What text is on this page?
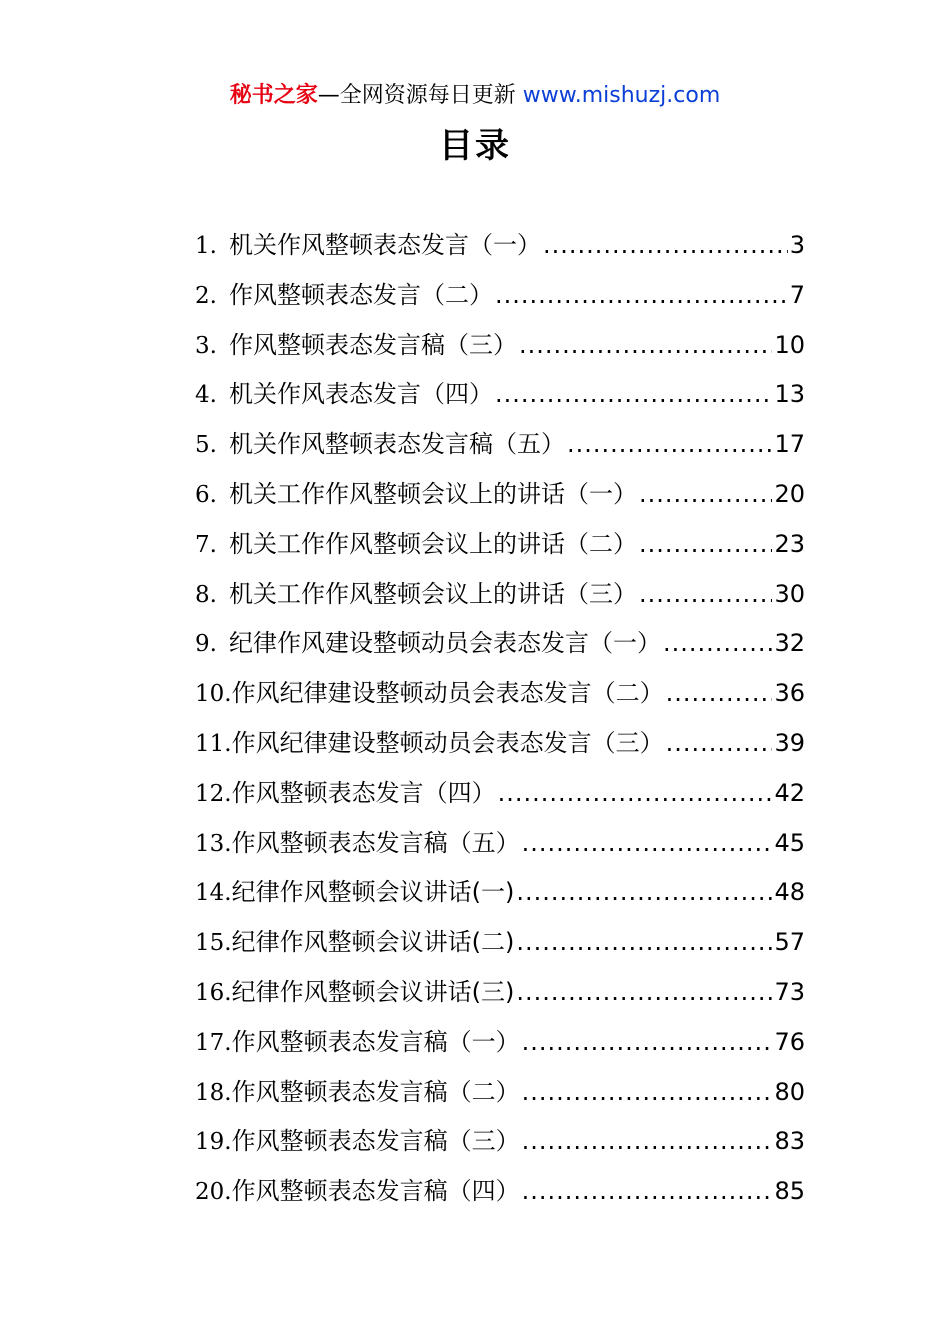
秘书之家—全网资源每日更新 www.mishuzj.com
目录
1. 机关作风整顿表态发言（一） .....	3
2. 作风整顿表态发言（二） .....	7
3. 作风整顿表态发言稿（三） .....	10
4. 机关作风表态发言（四） .....	13
5. 机关作风整顿表态发言稿（五） .....	17
6. 机关工作作风整顿会议上的讲话（一） .....	20
7. 机关工作作风整顿会议上的讲话（二） .....	23
8. 机关工作作风整顿会议上的讲话（三） .....	30
9. 纪律作风建设整顿动员会表态发言（一） .....	32
10. 作风纪律建设整顿动员会表态发言（二） .....	36
11. 作风纪律建设整顿动员会表态发言（三） .....	39
12. 作风整顿表态发言（四） .....	42
13. 作风整顿表态发言稿（五） .....	45
14. 纪律作风整顿会议讲话(一) .....	48
15. 纪律作风整顿会议讲话(二) .....	57
16. 纪律作风整顿会议讲话(三) .....	73
17. 作风整顿表态发言稿（一） .....	76
18. 作风整顿表态发言稿（二） .....	80
19. 作风整顿表态发言稿（三） .....	83
20. 作风整顿表态发言稿（四） .....	85
